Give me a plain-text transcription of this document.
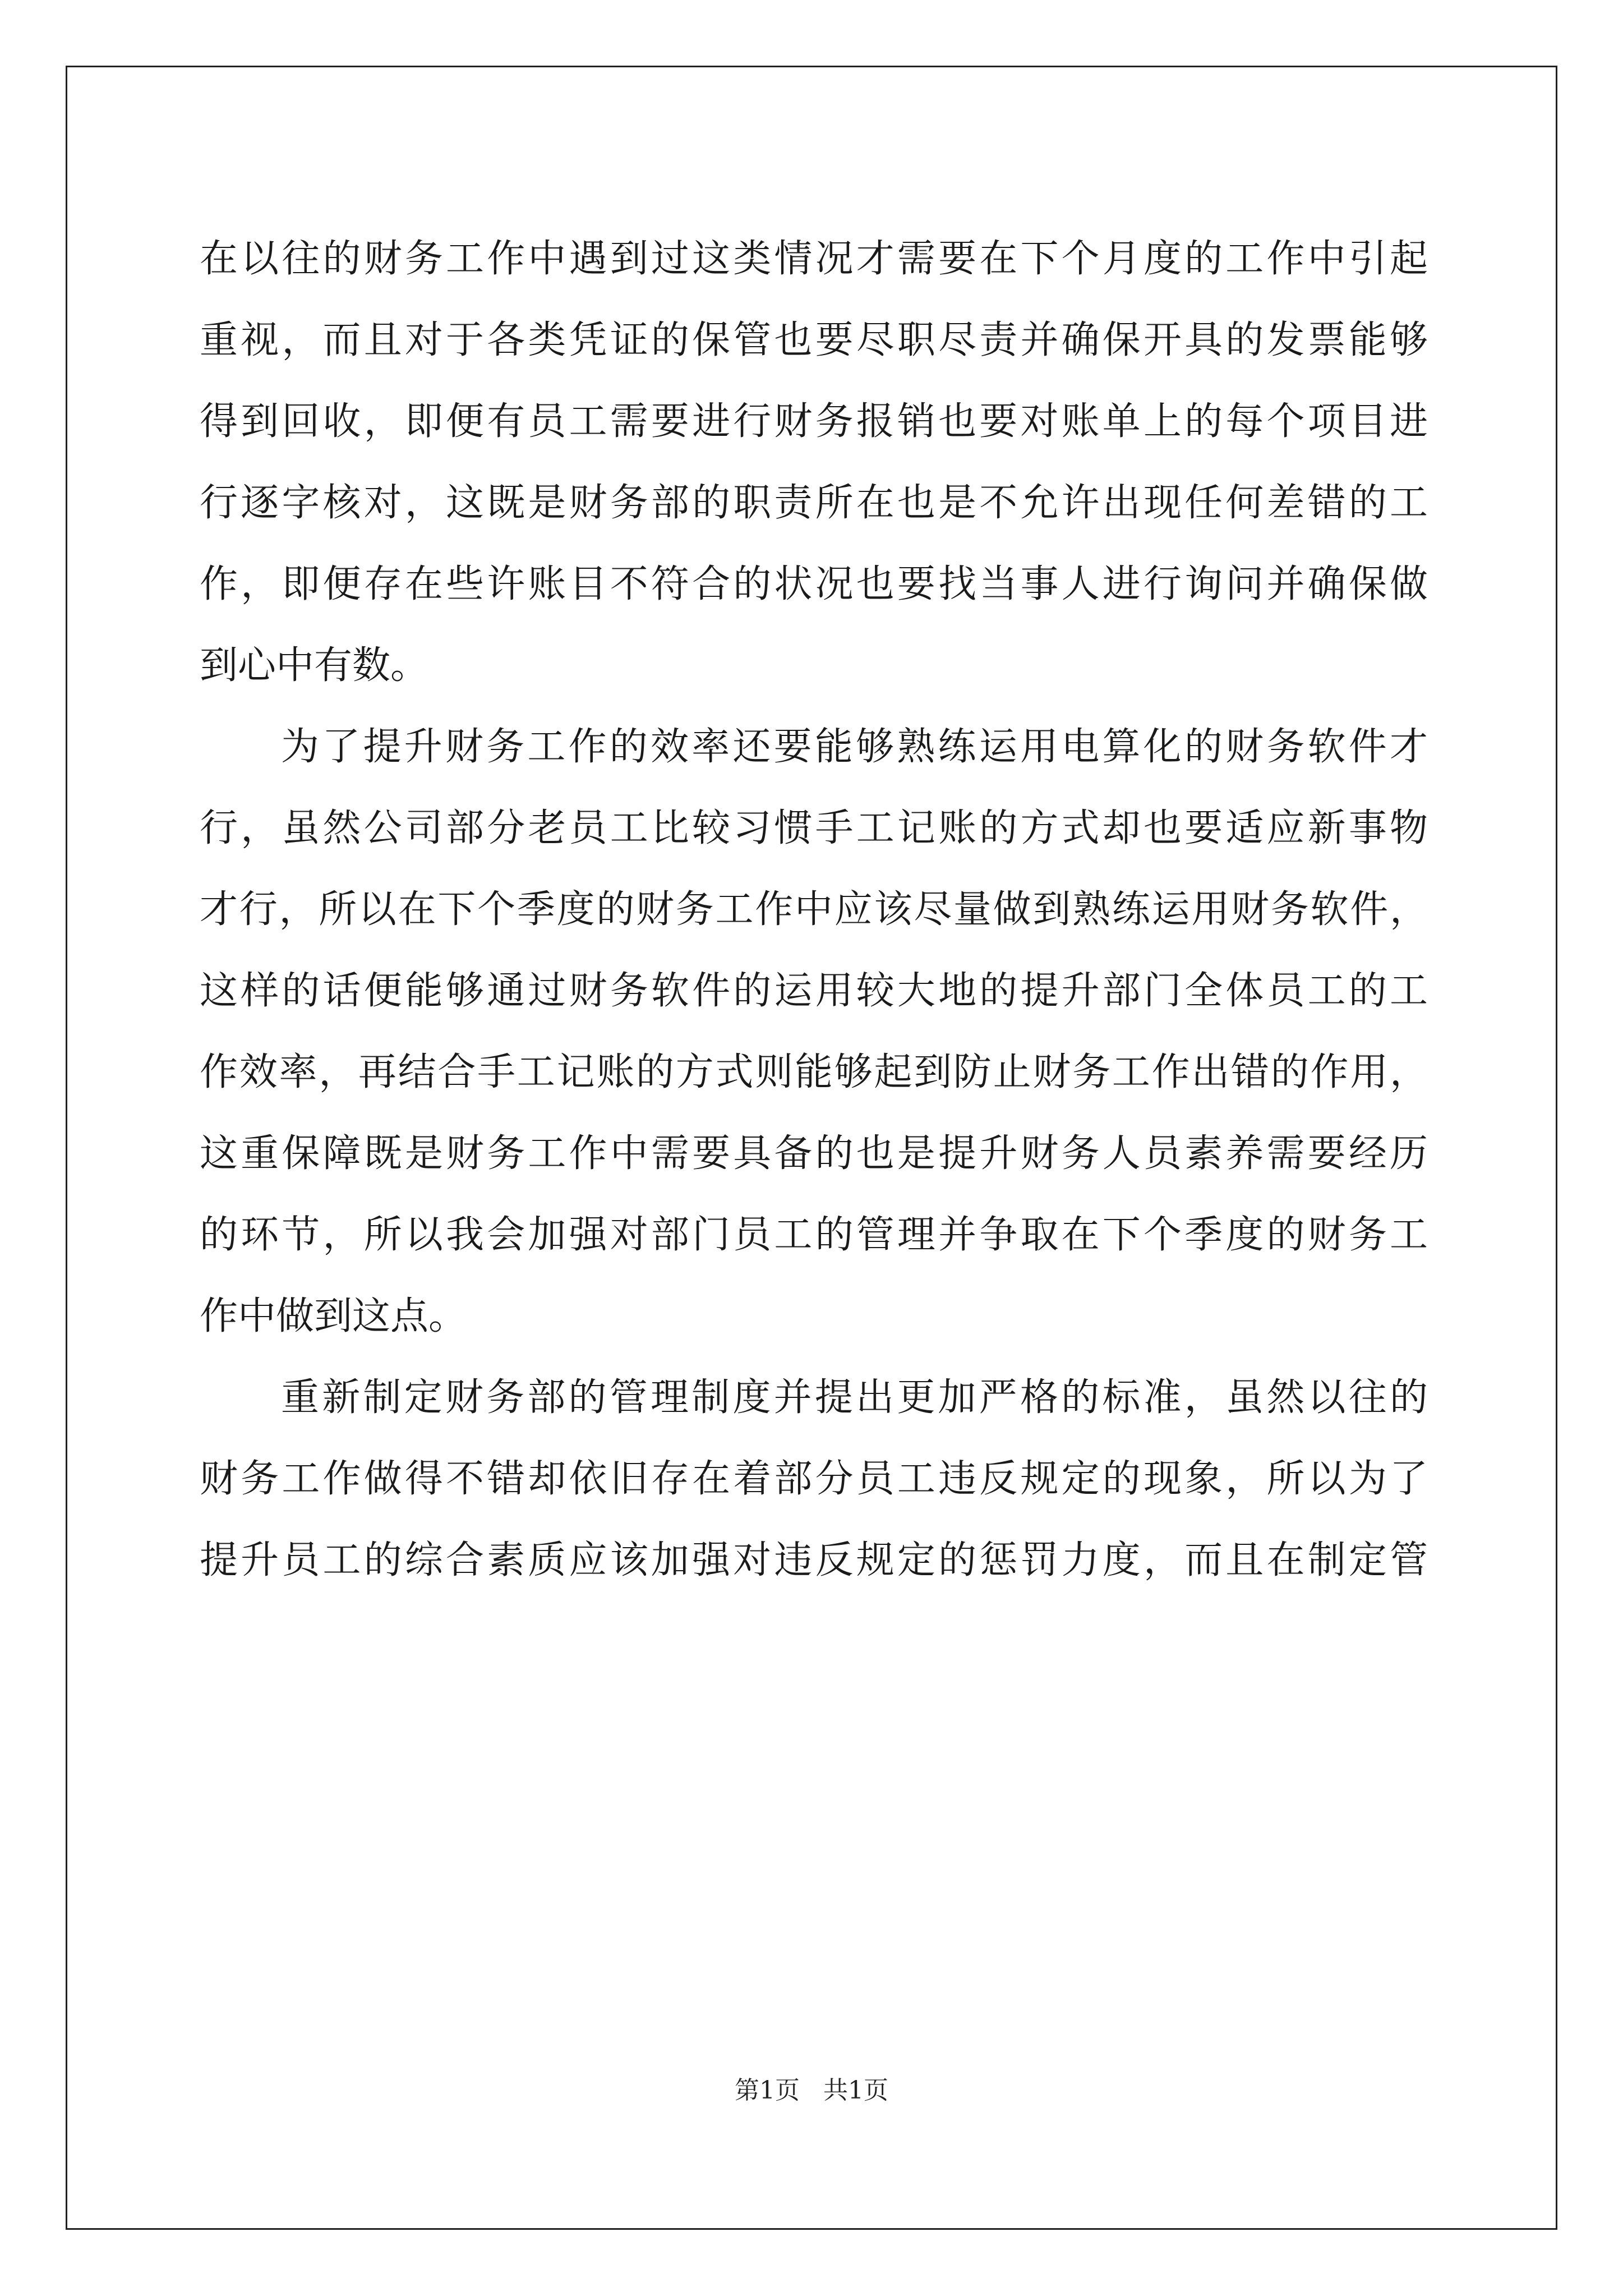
在以往的财务工作中遇到过这类情况才需要在下个月度的工作中引起
重视，而且对于各类凭证的保管也要尽职尽责并确保开具的发票能够
得到回收，即便有员工需要进行财务报销也要对账单上的每个项目进
行逐字核对，这既是财务部的职责所在也是不允许出现任何差错的工
作，即便存在些许账目不符合的状况也要找当事人进行询问并确保做
到心中有数。
为了提升财务工作的效率还要能够熟练运用电算化的财务软件才
行，虽然公司部分老员工比较习惯手工记账的方式却也要适应新事物
才行，所以在下个季度的财务工作中应该尽量做到熟练运用财务软件，
这样的话便能够通过财务软件的运用较大地的提升部门全体员工的工
作效率，再结合手工记账的方式则能够起到防止财务工作出错的作用，
这重保障既是财务工作中需要具备的也是提升财务人员素养需要经历
的环节，所以我会加强对部门员工的管理并争取在下个季度的财务工
作中做到这点。
重新制定财务部的管理制度并提出更加严格的标准，虽然以往的
财务工作做得不错却依旧存在着部分员工违反规定的现象，所以为了
提升员工的综合素质应该加强对违反规定的惩罚力度，而且在制定管
第1页   共1页
